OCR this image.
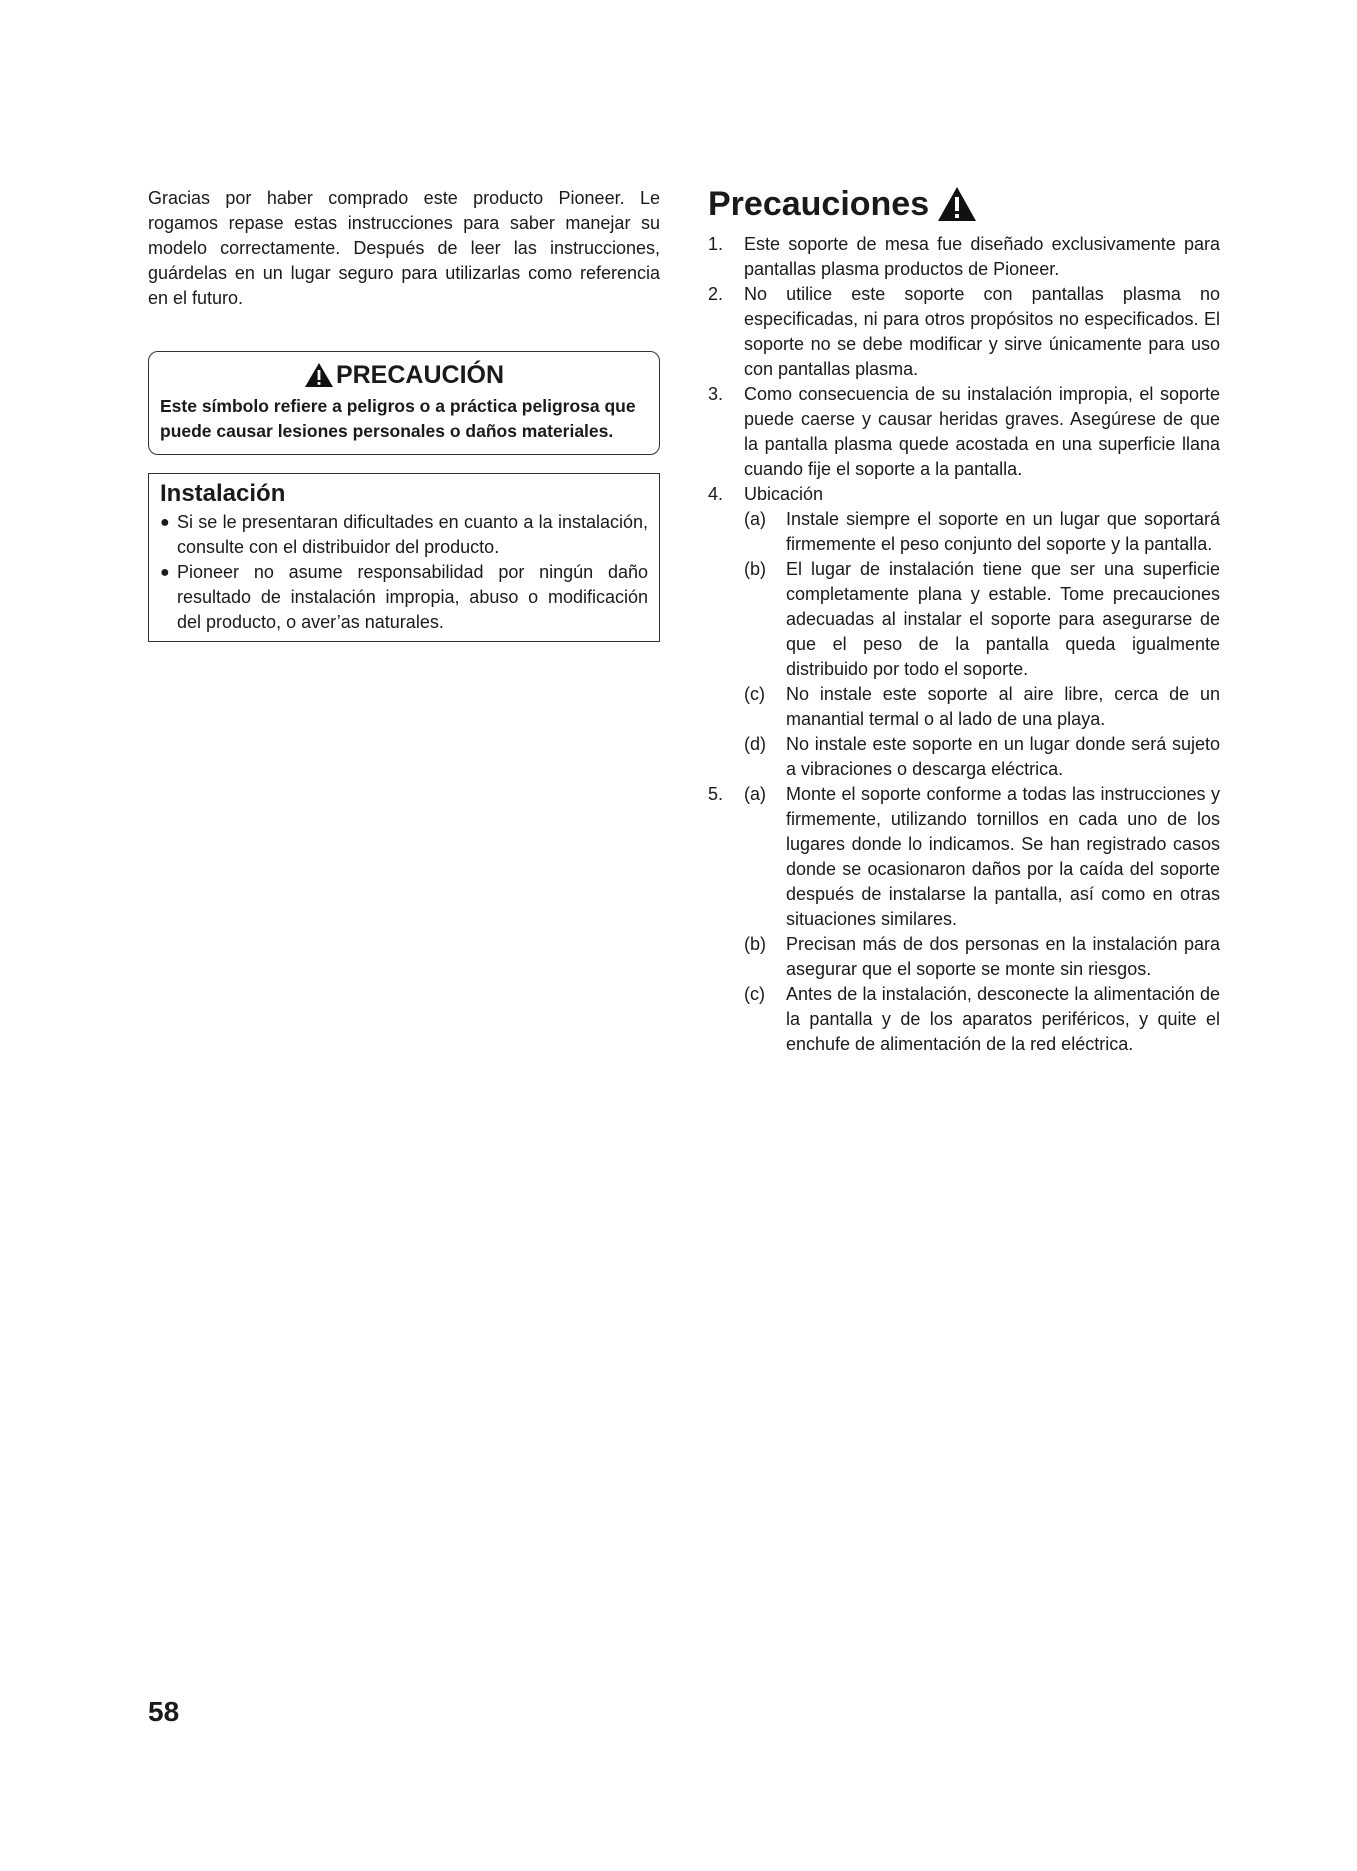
Gracias por haber comprado este producto Pioneer. Le rogamos repase estas instrucciones para saber manejar su modelo correctamente. Después de leer las instrucciones, guárdelas en un lugar seguro para utilizarlas como referencia en el futuro.

PRECAUCIÓN
Este símbolo refiere a peligros o a práctica peligrosa que puede causar lesiones personales o daños materiales.
Instalación
● Si se le presentaran dificultades en cuanto a la instalación, consulte con el distribuidor del producto.
● Pioneer no asume responsabilidad por ningún daño resultado de instalación impropia, abuso o modificación del producto, o aver’as naturales.
Precauciones
1.	Este soporte de mesa fue diseñado exclusivamente para pantallas plasma productos de Pioneer.
2.	No utilice este soporte con pantallas plasma no especificadas, ni para otros propósitos no especificados. El soporte no se debe modificar y sirve únicamente para uso con pantallas plasma.
3.	Como consecuencia de su instalación impropia, el soporte puede caerse y causar heridas graves. Asegúrese de que la pantalla plasma quede acostada en una superficie llana cuando fije el soporte a la pantalla.
4.	Ubicación
(a)	Instale siempre el soporte en un lugar que soportará firmemente el peso conjunto del soporte y la pantalla.
(b)	El lugar de instalación tiene que ser una superficie completamente plana y estable. Tome precauciones adecuadas al instalar el soporte para asegurarse de que el peso de la pantalla queda igualmente distribuido por todo el soporte.
(c)	No instale este soporte al aire libre, cerca de un manantial termal o al lado de una playa.
(d)	No instale este soporte en un lugar donde será sujeto a vibraciones o descarga eléctrica.
5.	(a)	Monte el soporte conforme a todas las instrucciones y firmemente, utilizando tornillos en cada uno de los lugares donde lo indicamos. Se han registrado casos donde se ocasionaron daños por la caída del soporte después de instalarse la pantalla, así como en otras situaciones similares.
(b)	Precisan más de dos personas en la instalación para asegurar que el soporte se monte sin riesgos.
(c)	Antes de la instalación, desconecte la alimentación de la pantalla y de los aparatos periféricos, y quite el enchufe de alimentación de la red eléctrica.
58
